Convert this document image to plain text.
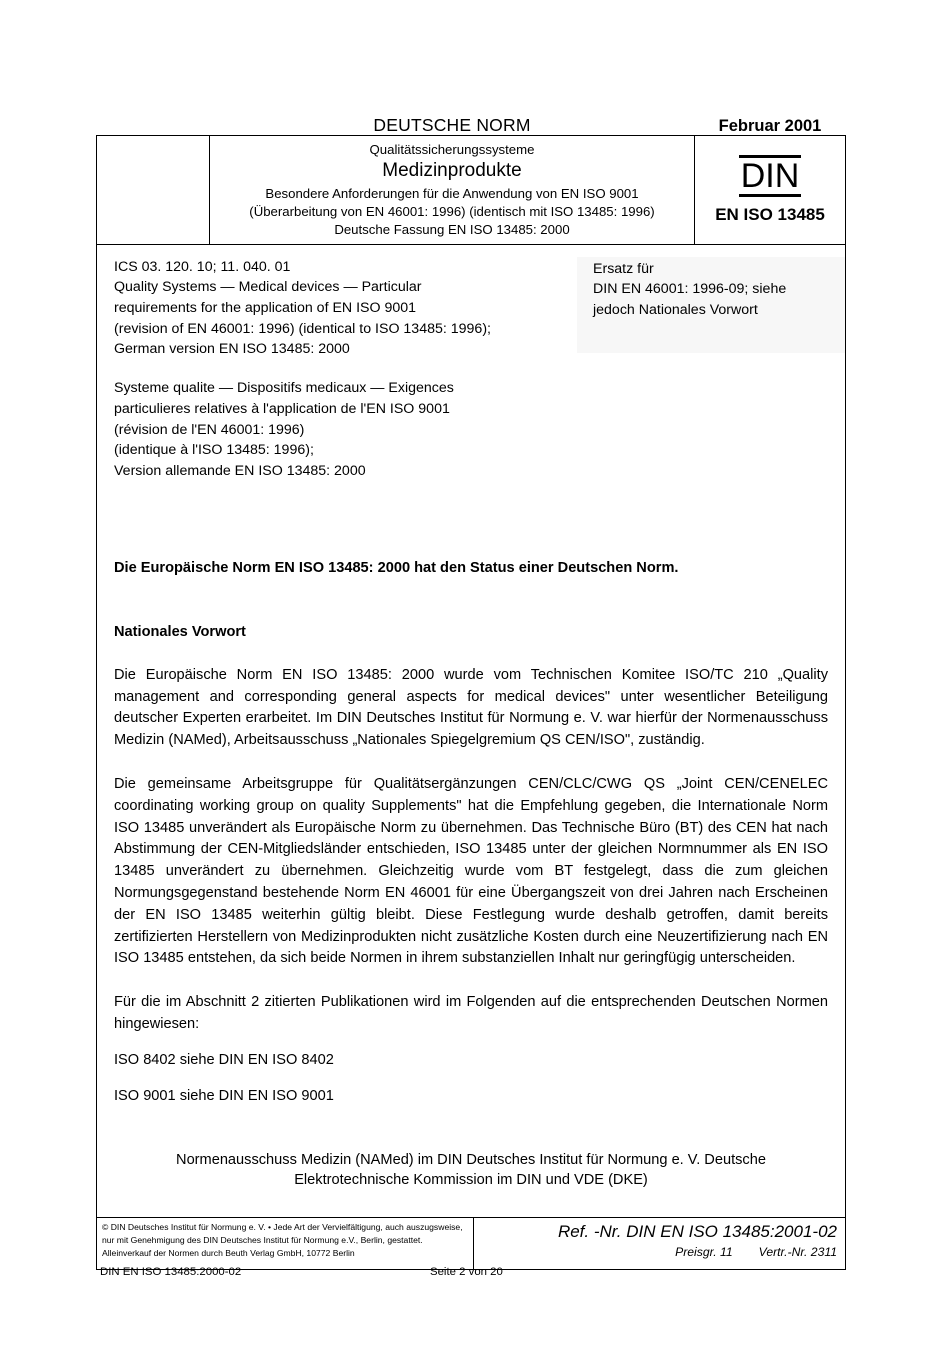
DEUTSCHE NORM	Februar 2001
Qualitätssicherungssysteme
Medizinprodukte
Besondere Anforderungen für die Anwendung von EN ISO 9001
(Überarbeitung von EN 46001: 1996) (identisch mit ISO 13485: 1996)
Deutsche Fassung EN ISO 13485: 2000
DIN
EN ISO 13485
ICS 03. 120. 10; 11. 040. 01
Quality Systems — Medical devices — Particular
requirements for the application of EN ISO 9001
(revision of EN 46001: 1996) (identical to ISO 13485: 1996);
German version EN ISO 13485: 2000
Systeme qualite — Dispositifs medicaux — Exigences
particulieres relatives à l'application de l'EN ISO 9001
(révision de l'EN 46001: 1996)
(identique à l'ISO 13485: 1996);
Version allemande EN ISO 13485: 2000
Ersatz für
DIN EN 46001: 1996-09; siehe
jedoch Nationales Vorwort
Die Europäische Norm EN ISO 13485: 2000 hat den Status einer Deutschen Norm.
Nationales Vorwort

Die Europäische Norm EN ISO 13485: 2000 wurde vom Technischen Komitee ISO/TC 210 „Quality management and corresponding general aspects for medical devices" unter wesentlicher Beteiligung deutscher Experten erarbeitet. Im DIN Deutsches Institut für Normung e. V. war hierfür der Normenausschuss Medizin (NAMed), Arbeitsausschuss „Nationales Spiegelgremium QS CEN/ISO", zuständig.

Die gemeinsame Arbeitsgruppe für Qualitätsergänzungen CEN/CLC/CWG QS „Joint CEN/CENELEC coordinating working group on quality Supplements" hat die Empfehlung gegeben, die Internationale Norm ISO 13485 unverändert als Europäische Norm zu übernehmen. Das Technische Büro (BT) des CEN hat nach Abstimmung der CEN-Mitgliedsländer entschieden, ISO 13485 unter der gleichen Normnummer als EN ISO 13485 unverändert zu übernehmen. Gleichzeitig wurde vom BT festgelegt, dass die zum gleichen Normungsgegenstand bestehende Norm EN 46001 für eine Übergangszeit von drei Jahren nach Erscheinen der EN ISO 13485 weiterhin gültig bleibt. Diese Festlegung wurde deshalb getroffen, damit bereits zertifizierten Herstellern von Medizinprodukten nicht zusätzliche Kosten durch eine Neuzertifizierung nach EN ISO 13485 entstehen, da sich beide Normen in ihrem substanziellen Inhalt nur geringfügig unterscheiden.

Für die im Abschnitt 2 zitierten Publikationen wird im Folgenden auf die entsprechenden Deutschen Normen hingewiesen:

ISO 8402 siehe DIN EN ISO 8402

ISO 9001 siehe DIN EN ISO 9001

Normenausschuss Medizin (NAMed) im DIN Deutsches Institut für Normung e. V. Deutsche
Elektrotechnische Kommission im DIN und VDE (DKE)
© DIN Deutsches Institut für Normung e. V. • Jede Art der Vervielfältigung, auch auszugsweise,
nur mit Genehmigung des DIN Deutsches Institut für Normung e.V., Berlin, gestattet.
Alleinverkauf der Normen durch Beuth Verlag GmbH, 10772 Berlin
Ref. -Nr. DIN EN ISO 13485:2001-02
Preisgr. 11 Vertr.-Nr. 2311
DIN EN ISO 13485:2000-02	Seite 2 von 20
